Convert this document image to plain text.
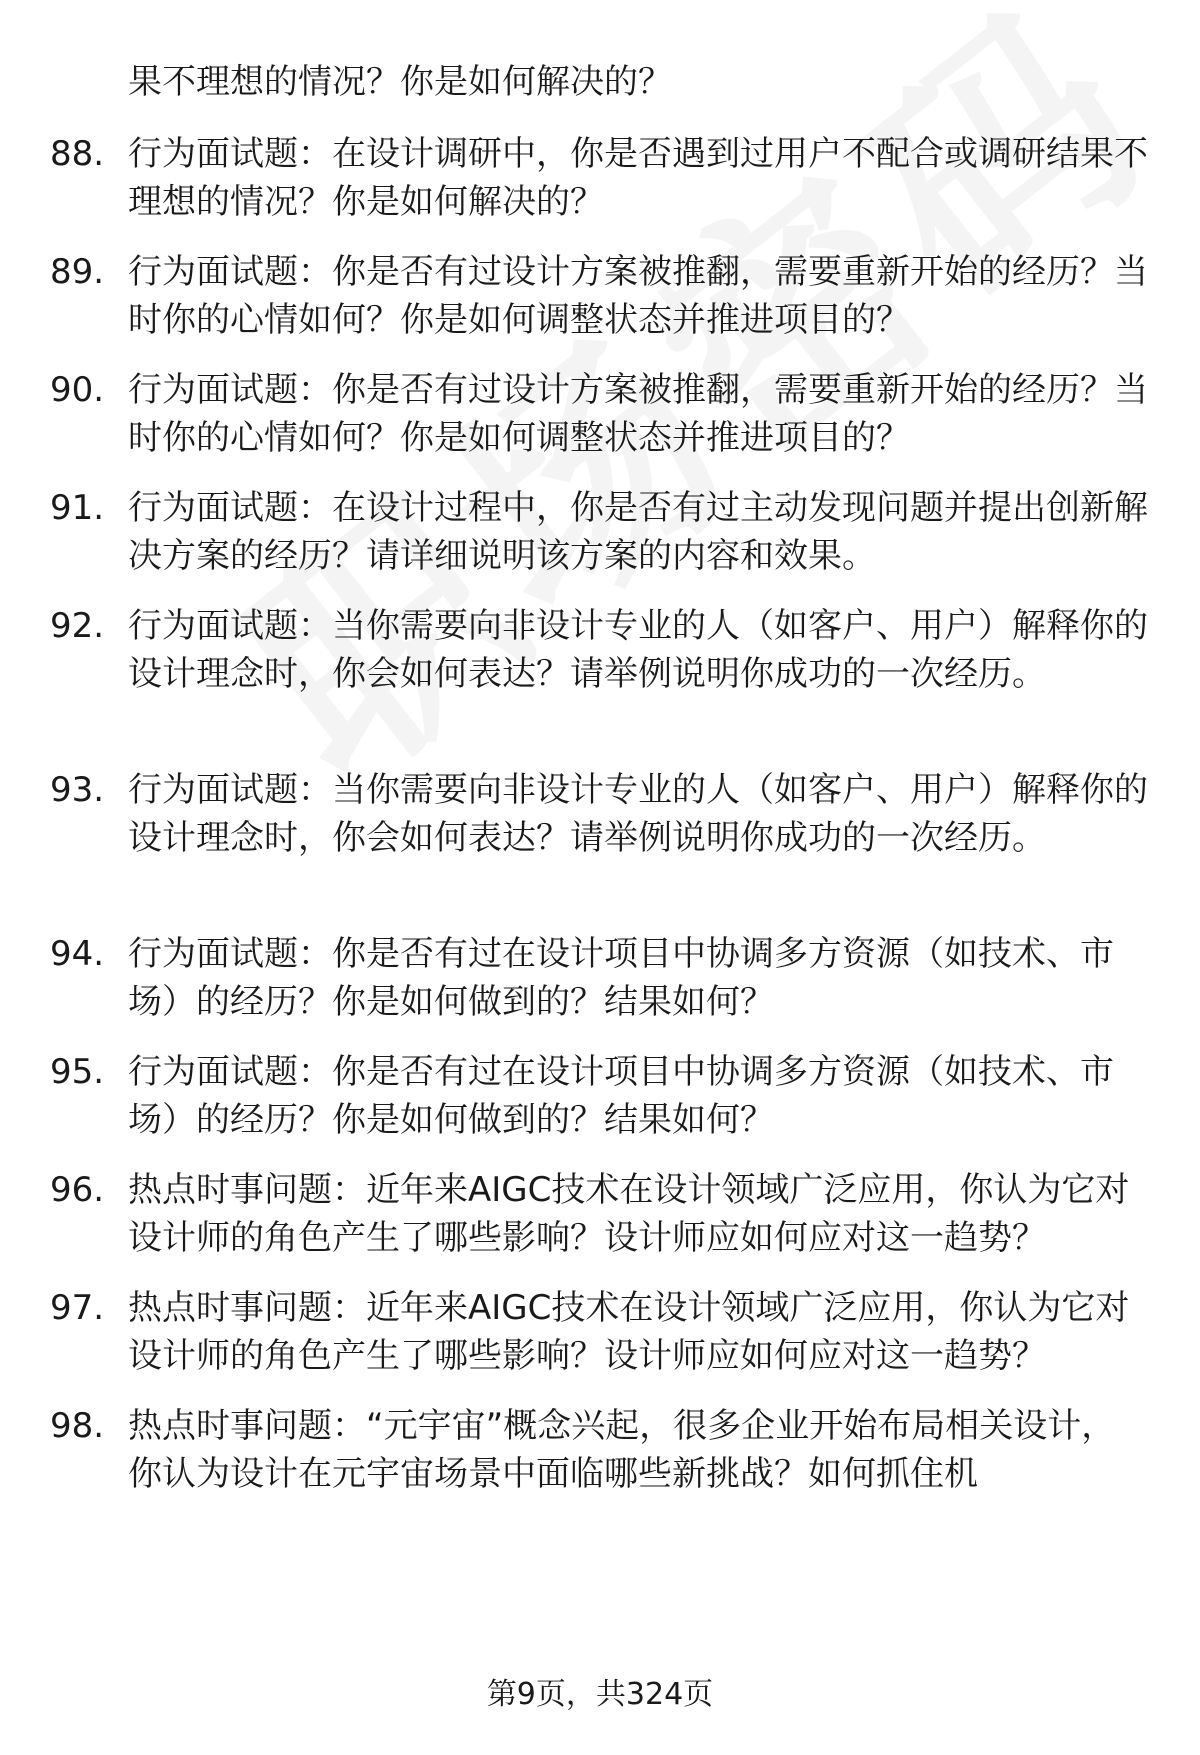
果不理想的情况？你是如何解决的？
88. 行为面试题：在设计调研中，你是否遇到过用户不配合或调研结果不理想的情况？你是如何解决的？
89. 行为面试题：你是否有过设计方案被推翻，需要重新开始的经历？当时你的心情如何？你是如何调整状态并推进项目的？
90. 行为面试题：你是否有过设计方案被推翻，需要重新开始的经历？当时你的心情如何？你是如何调整状态并推进项目的？
91. 行为面试题：在设计过程中，你是否有过主动发现问题并提出创新解决方案的经历？请详细说明该方案的内容和效果。
92. 行为面试题：当你需要向非设计专业的人（如客户、用户）解释你的设计理念时，你会如何表达？请举例说明你成功的一次经历。
93. 行为面试题：当你需要向非设计专业的人（如客户、用户）解释你的设计理念时，你会如何表达？请举例说明你成功的一次经历。
94. 行为面试题：你是否有过在设计项目中协调多方资源（如技术、市场）的经历？你是如何做到的？结果如何？
95. 行为面试题：你是否有过在设计项目中协调多方资源（如技术、市场）的经历？你是如何做到的？结果如何？
96. 热点时事问题：近年来AIGC技术在设计领域广泛应用，你认为它对设计师的角色产生了哪些影响？设计师应如何应对这一趋势？
97. 热点时事问题：近年来AIGC技术在设计领域广泛应用，你认为它对设计师的角色产生了哪些影响？设计师应如何应对这一趋势？
98. 热点时事问题：“元宇宙”概念兴起，很多企业开始布局相关设计，你认为设计在元宇宙场景中面临哪些新挑战？如何抓住机
第9页，共324页
